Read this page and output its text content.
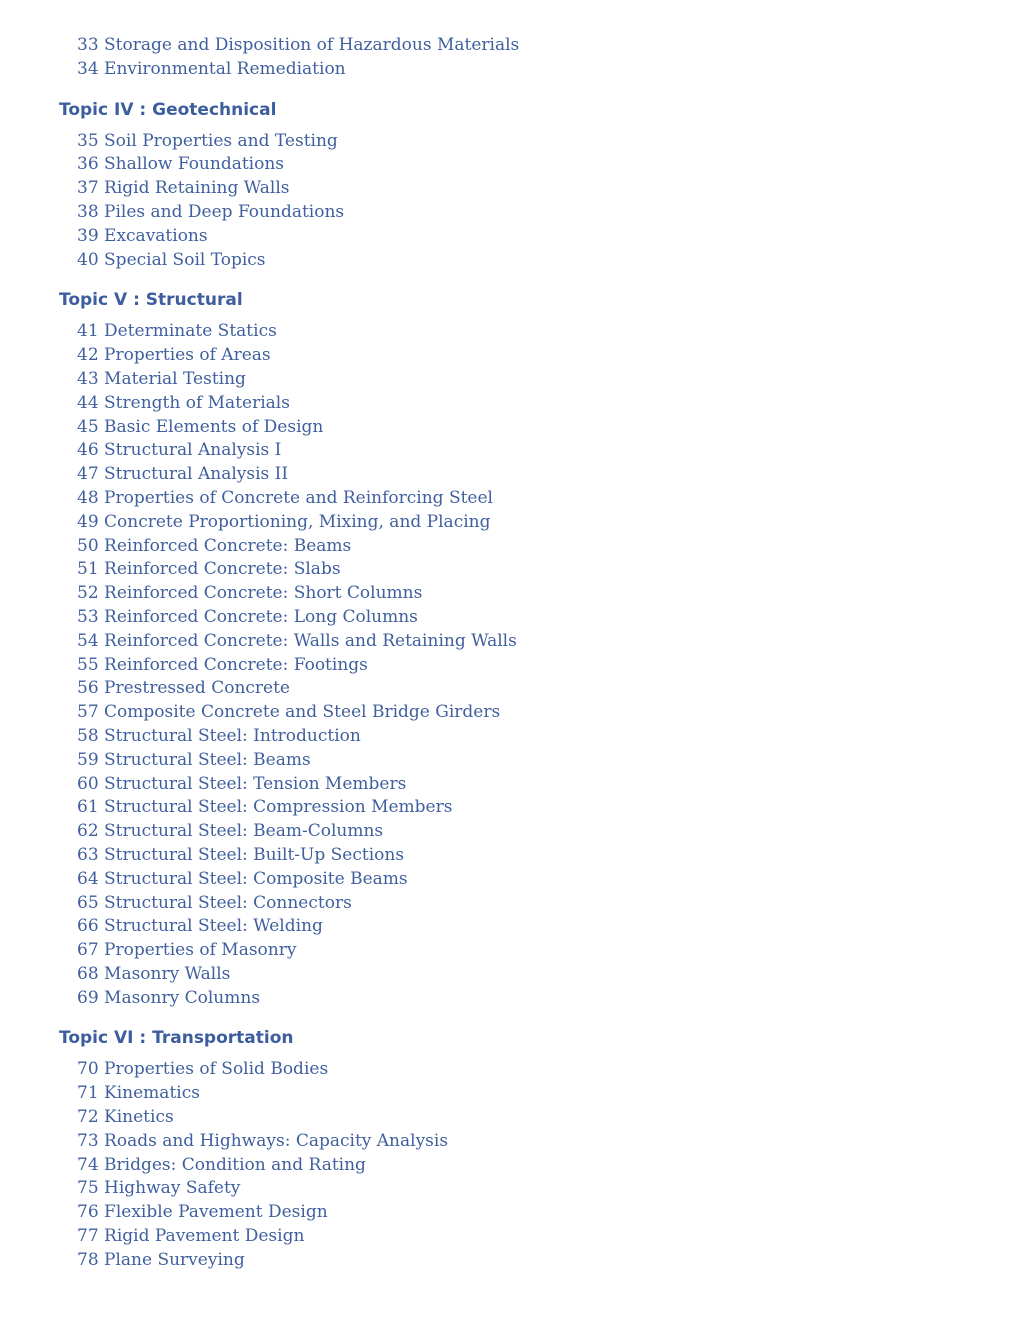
33 Storage and Disposition of Hazardous Materials
34 Environmental Remediation
Topic IV : Geotechnical
35 Soil Properties and Testing
36 Shallow Foundations
37 Rigid Retaining Walls
38 Piles and Deep Foundations
39 Excavations
40 Special Soil Topics
Topic V : Structural
41 Determinate Statics
42 Properties of Areas
43 Material Testing
44 Strength of Materials
45 Basic Elements of Design
46 Structural Analysis I
47 Structural Analysis II
48 Properties of Concrete and Reinforcing Steel
49 Concrete Proportioning, Mixing, and Placing
50 Reinforced Concrete: Beams
51 Reinforced Concrete: Slabs
52 Reinforced Concrete: Short Columns
53 Reinforced Concrete: Long Columns
54 Reinforced Concrete: Walls and Retaining Walls
55 Reinforced Concrete: Footings
56 Prestressed Concrete
57 Composite Concrete and Steel Bridge Girders
58 Structural Steel: Introduction
59 Structural Steel: Beams
60 Structural Steel: Tension Members
61 Structural Steel: Compression Members
62 Structural Steel: Beam-Columns
63 Structural Steel: Built-Up Sections
64 Structural Steel: Composite Beams
65 Structural Steel: Connectors
66 Structural Steel: Welding
67 Properties of Masonry
68 Masonry Walls
69 Masonry Columns
Topic VI : Transportation
70 Properties of Solid Bodies
71 Kinematics
72 Kinetics
73 Roads and Highways: Capacity Analysis
74 Bridges: Condition and Rating
75 Highway Safety
76 Flexible Pavement Design
77 Rigid Pavement Design
78 Plane Surveying
